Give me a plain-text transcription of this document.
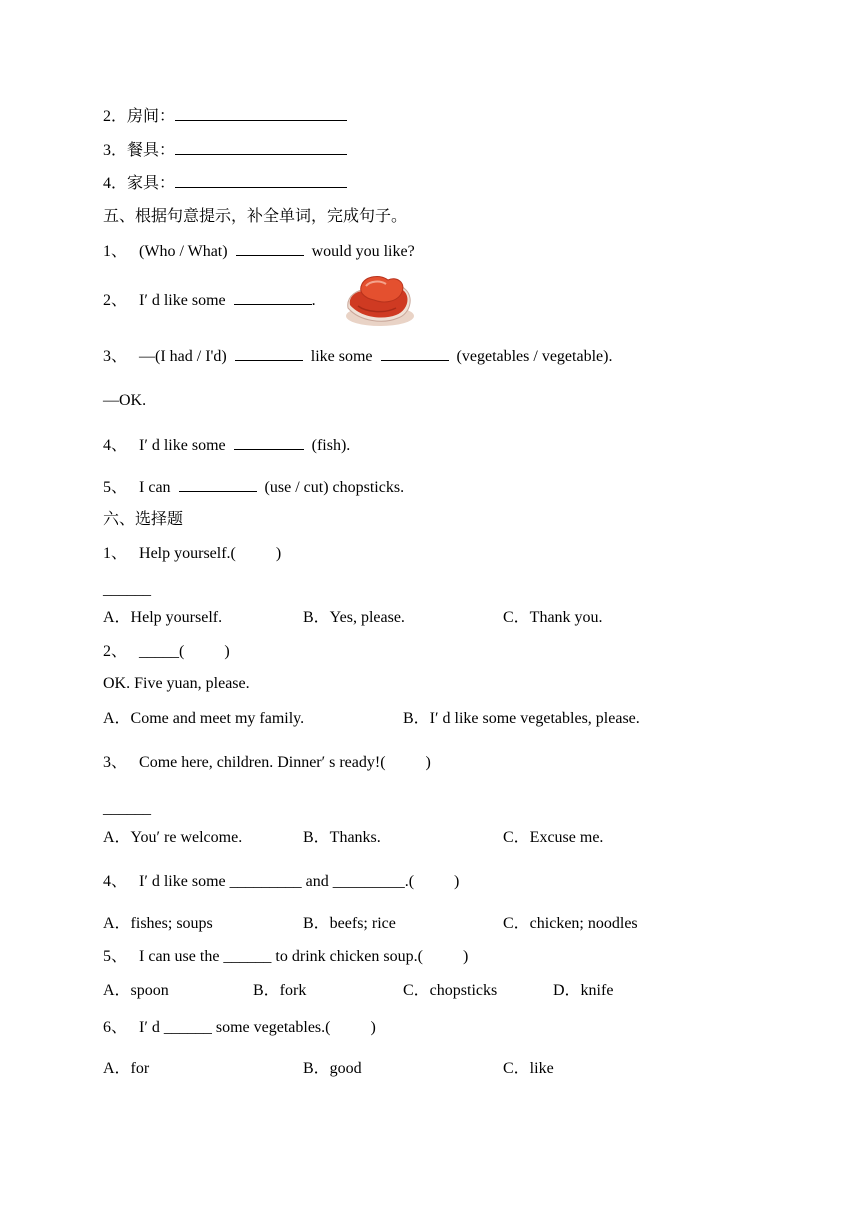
2．房间：
3．餐具：
4．家具：
五、根据句意提示，补全单词，完成句子。
1、 (Who / What)	would you like?
2、 I′ d like some	.
3、 —(I had / I'd)	like some	(vegetables / vegetable).
—OK.
4、 I′ d like some	(fish).
5、 I can	(use / cut) chopsticks.
六、选择题
1、 Help yourself.(          )
______
A．Help yourself.	B．Yes, please.	C．Thank you.
2、 _____(          )
OK. Five yuan, please.
A．Come and meet my family.	B．I′ d like some vegetables, please.
3、 Come here, children. Dinner′ s ready!(          )
______
A．You′ re welcome.	B．Thanks.	C．Excuse me.
4、 I′ d like some _________ and _________.(          )
A．fishes; soups	B．beefs; rice	C．chicken; noodles
5、 I can use the ______ to drink chicken soup.(          )
A．spoon	B．fork	C．chopsticks	D．knife
6、 I′ d ______ some vegetables.(          )
A．for	B．good	C．like
